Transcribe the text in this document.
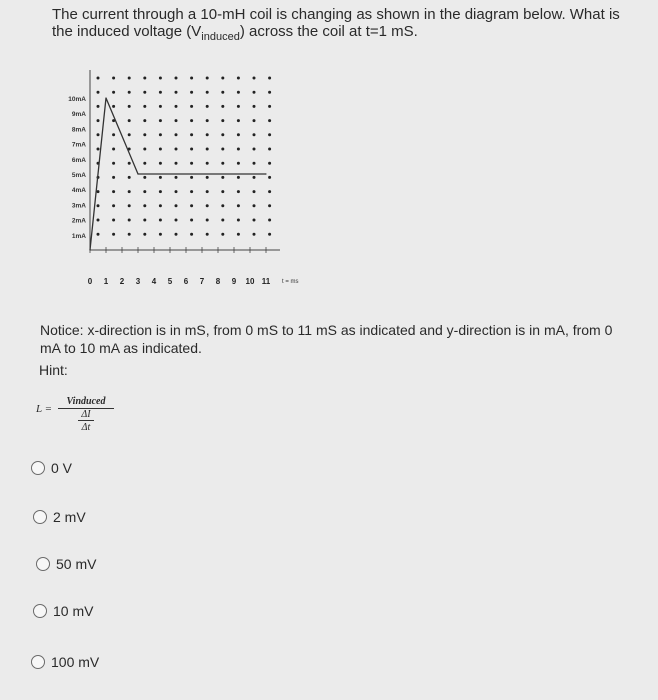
The current through a 10-mH coil is changing as shown in the diagram below. What is the induced voltage $(V_{induced})$ across the coil at t=1 mS.
10mA
9mA
8mA
7mA
6mA
5mA
4mA
3mA
2mA
1mA
0 1 2 3 4 5 6 7 8 9 10 11 t = ms
Notice: x-direction is in mS, from 0 mS to 11 mS as indicated and y-direction is in mA, from 0 mA to 10 mA as indicated.
Hint:
L =
Vinduced
ΔI
Δt
0 V
2 mV
50 mV
10 mV
100 mV
